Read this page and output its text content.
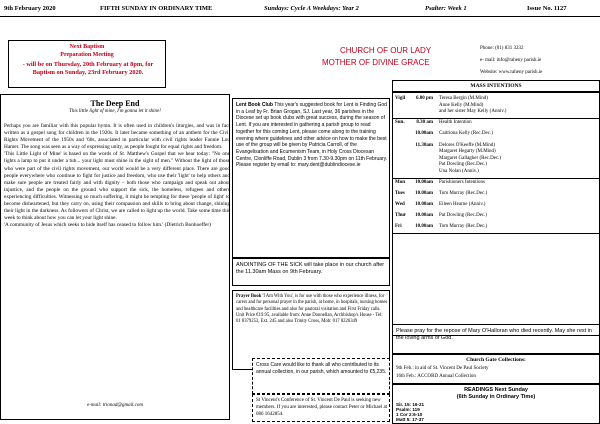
9th February 2020	FIFTH SUNDAY IN ORDINARY TIME	Sundays: Cycle A Weekdays: Year 2	Psalter: Week 1	Issue No. 1127
Next Baptism
Preparation Meeting
- will be on Thursday, 20th February at 8pm, for Baptism on Sunday, 23rd February 2020.
CHURCH OF OUR LADY
MOTHER OF DIVINE GRACE
Phone: (01) 831 3232
e- mail: info@raheny parish.ie
Website: www.raheny parish.ie
The Deep End
This little light of mine, I'm gonna let it shine!

Perhaps you are familiar with this popular hymn. It is often used in children's liturgies, and was in fact written as a gospel song for children in the 1920s. It later became something of an anthem for the Civil Rights Movement of the 1950s and '60s, associated in particular with civil rights leader Fannie Lou Hamer. The song was seen as a way of expressing unity, as people fought for equal rights and freedom.

'This Little Light of Mine' is based on the words of St. Matthew's Gospel that we hear today: "No one lights a lamp to put it under a tub... your light must shine in the sight of men." Without the light of those who were part of the civil rights movement, our world would be a very different place. There are good people everywhere who continue to fight for justice and freedom, who use their 'light' to help others and make sure people are treated fairly and with dignity – both those who campaign and speak out about injustice, and the people on the ground who support the sick, the homeless, refugees and others experiencing difficulties. Witnessing so much suffering, it might be tempting for these 'people of light' to become disheartened, but they carry on, using their compassion and skills to bring about change, shining their light in the darkness. As followers of Christ, we are called to light up the world. Take some time this week to think about how you can let your light shine.

'A community of Jesus which seeks to hide itself has ceased to follow him.' (Dietrich Bonhoeffer)

e-mail: trionad@gmail.com
Lent Book Club This year's suggested book for Lent is Finding God in a Leaf by Fr. Brian Grogan, SJ. Last year, 36 parishes in the Diocese set up book clubs with great success, during the season of Lent. If you are interested in gathering a parish group to read together for this coming Lent, please come along to the training evening where guidelines and other advice on how to make the best use of the group will be given by Patricia Carroll, of the Evangelisation and Ecumenism Team, in Holy Cross Diocesan Centre, Clonliffe Road, Dublin 3 from 7.30-9.30pm on 11th February. Please register by email to: mary.dent@dublindiocese.ie
ANOINTING OF THE SICK will take place in our church after the 11.30am Mass on 9th February.
Prayer Book 'I Am With You', is for use with those who experience illness, for carers and for personal prayer in the parish, at home, in hospitals, nursing homes and healthcare facilities and also for pastoral visitation and First Friday calls. Unit Price €19.95, available from: Anne Donnellan, Archbishop's House - Tel: 01 8379253, Ext. 245 and also Trinity Cross, Mob: 017 8226349
Cross Care would like to thank all who contributed to its annual collection, in our parish, which amounted to €5,235.
St Vincent's Conference of St. Vincent De Paul is seeking new members. If you are interested, please contact Peter or Michael at 086 1642854.
MASS INTENTIONS
Vigil	6.00 pm Teresa Bergin (M.Mind)
Anne Kelly (M.Mind)
and her sister May Kelly (Anniv.)
Sun.	8.30 am Health Intention
10.00am Caitriona Kelly (Rec.Dec.)
11.30am Delores O'Keeffe (M.Mind)
Margaret Hegarty (M.Mind)
Margaret Gallagher (Rec.Dec.)
Pat Dowling (Rec.Dec.)
Una Nolan (Anniv.)
Mon	10.00am Parishioners Intentions
Tues	10.00am Tom Murray (Rec.Dec.)
Wed	10.00am Eileen Hearne (Anniv.)
Thur	10.00am Pat Dowling (Rec.Dec.)
Fri	10.00am Tom Murray (Rec.Dec.)
Please pray for the repose of Mary O'Halloran who died recently. May she rest in the loving arms of God.
Church Gate Collections:
9th Feb.: in aid of St. Vincent De Paul Society
16th Feb.: ACCORD Annual Collection
READINGS Next Sunday
(6th Sunday in Ordinary Time)
Sir. 15: 16-21
Psalm: 119
1 Cor 2:6-10
Matt 5: 17-37
